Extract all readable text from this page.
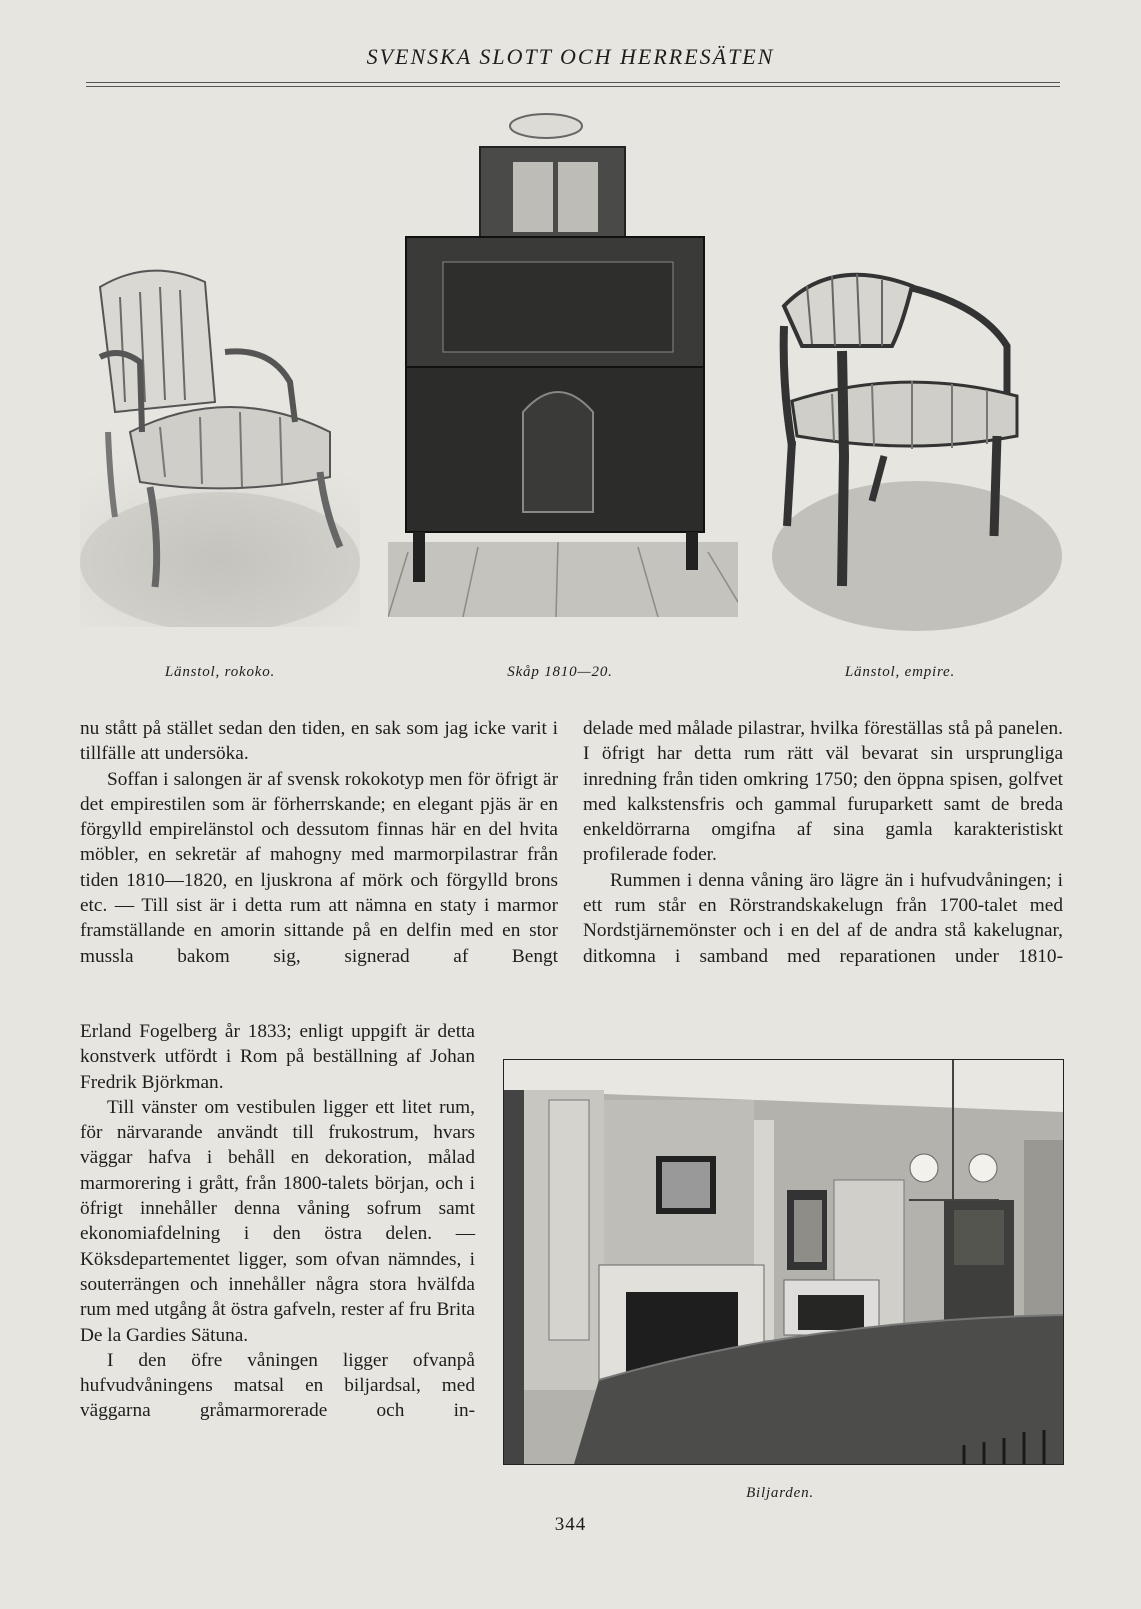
SVENSKA SLOTT OCH HERRESÄTEN
Länstol, rokoko.	Skåp 1810—20.	Länstol, empire.

nu stått på stället sedan den tiden, en sak som jag icke varit i tillfälle att undersöka.

Soffan i salongen är af svensk rokokotyp men för öfrigt är det empirestilen som är förherrskande; en elegant pjäs är en förgylld empirelänstol och dessutom finnas här en del hvita möbler, en sekretär af mahogny med marmorpilastrar från tiden 1810—1820, en ljuskrona af mörk och förgylld brons etc. — Till sist är i detta rum att nämna en staty i marmor framställande en amorin sittande på en delfin med en stor mussla bakom sig, signerad af Bengt

Erland Fogelberg år 1833; enligt uppgift är detta konstverk utfördt i Rom på beställning af Johan Fredrik Björkman.

Till vänster om vestibulen ligger ett litet rum, för närvarande användt till frukostrum, hvars väggar hafva i behåll en dekoration, målad marmorering i grått, från 1800-talets början, och i öfrigt innehåller denna våning sofrum samt ekonomiafdelning i den östra delen. — Köksdepartementet ligger, som ofvan nämndes, i souterrängen och innehåller några stora hvälfda rum med utgång åt östra gafveln, rester af fru Brita De la Gardies Sätuna.

I den öfre våningen ligger ofvanpå hufvudvåningens matsal en biljardsal, med väggarna gråmarmorerade och in-

delade med målade pilastrar, hvilka föreställas stå på panelen. I öfrigt har detta rum rätt väl bevarat sin ursprungliga inredning från tiden omkring 1750; den öppna spisen, golfvet med kalkstensfris och gammal furuparkett samt de breda enkeldörrarna omgifna af sina gamla karakteristiskt profilerade foder.

Rummen i denna våning äro lägre än i hufvudvåningen; i ett rum står en Rörstrandskakelugn från 1700-talet med Nordstjärnemönster och i en del af de andra stå kakelugnar, ditkomna i samband med reparationen under 1810-

Biljarden.
344
